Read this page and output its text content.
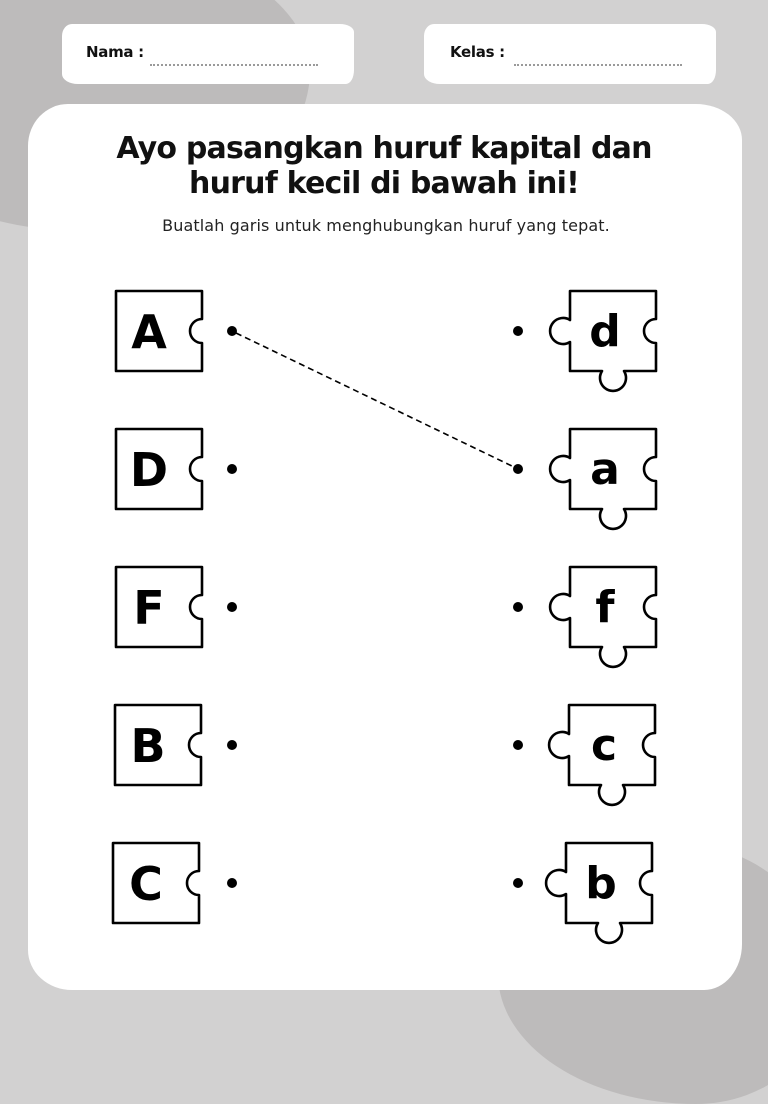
Nama :	Kelas :
Ayo pasangkan huruf kapital dan
huruf kecil di bawah ini!
Buatlah garis untuk menghubungkan huruf yang tepat.
A
D
F
B
C
d
a
f
c
b
